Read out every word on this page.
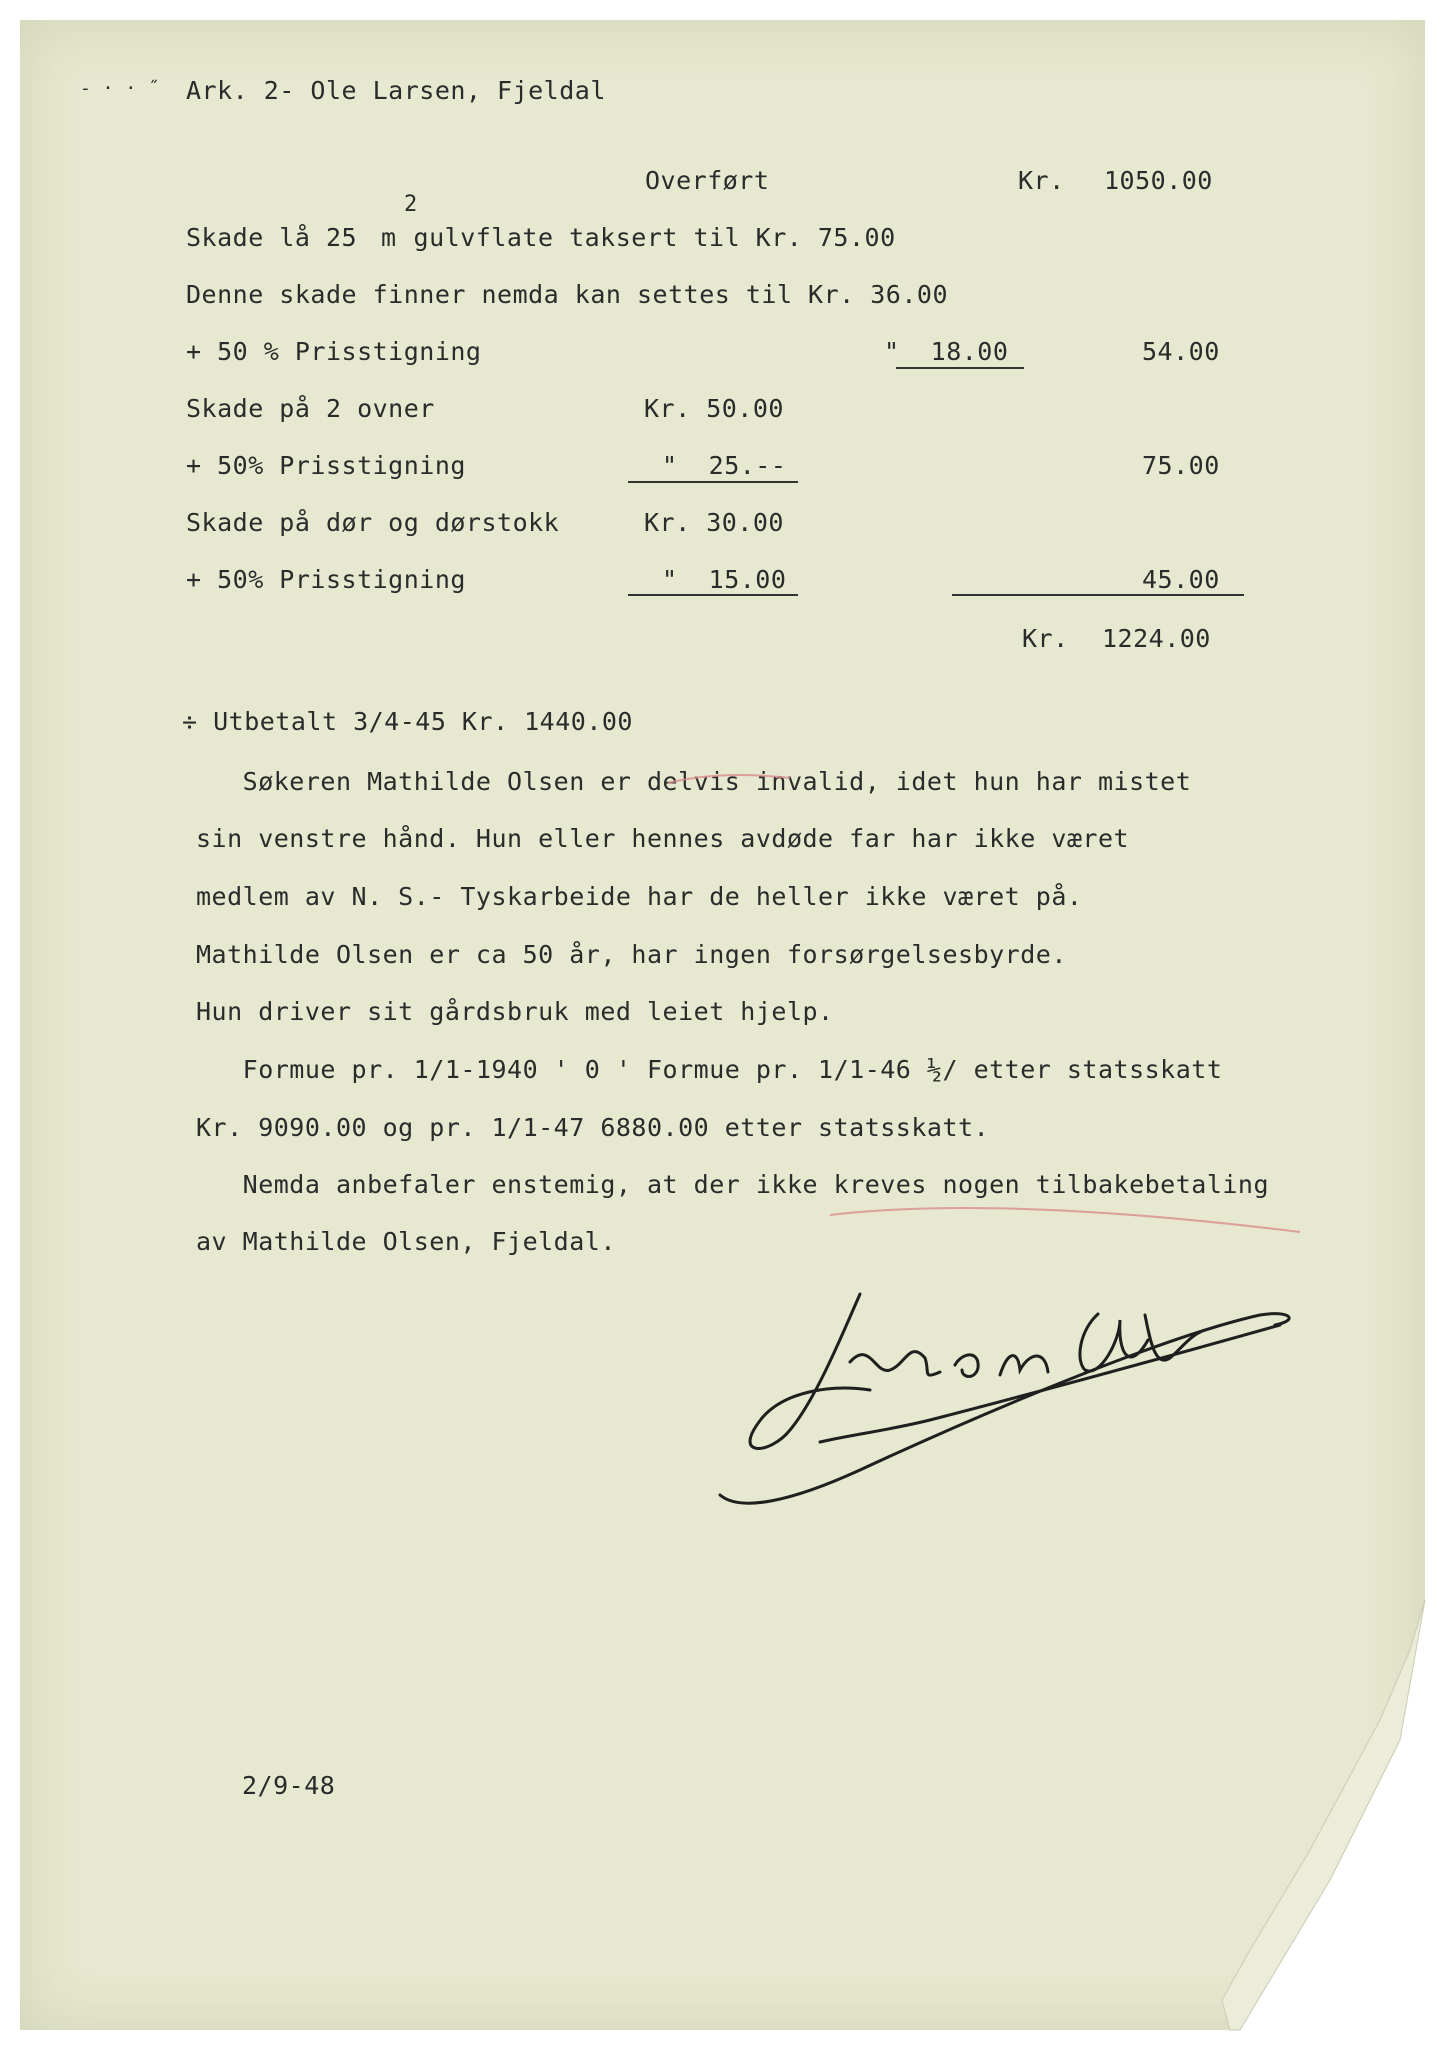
- · · ˝ Ark. 2- Ole Larsen, Fjeldal
Overført	Kr. 1050.00
Skade lå 25 m
2
gulvflate taksert til Kr. 75.00
Denne skade finner nemda kan settes til Kr. 36.00
+ 50 % Prisstigning	"  18.00	54.00
Skade på 2 ovner	Kr. 50.00
+ 50% Prisstigning	"  25.--	75.00
Skade på dør og dørstokk	Kr. 30.00
+ 50% Prisstigning	"  15.00	45.00
Kr. 1224.00
÷ Utbetalt 3/4-45 Kr. 1440.00
Søkeren Mathilde Olsen er delvis invalid, idet hun har mistet
sin venstre hånd. Hun eller hennes avdøde far har ikke været
medlem av N. S.- Tyskarbeide har de heller ikke været på.
Mathilde Olsen er ca 50 år, har ingen forsørgelsesbyrde.
Hun driver sit gårdsbruk med leiet hjelp.
Formue pr. 1/1-1940 ' 0 ' Formue pr. 1/1-46 ½/ etter statsskatt
Kr. 9090.00 og pr. 1/1-47 6880.00 etter statsskatt.
Nemda anbefaler enstemig, at der ikke kreves nogen tilbakebetaling
av Mathilde Olsen, Fjeldal.
2/9-48
